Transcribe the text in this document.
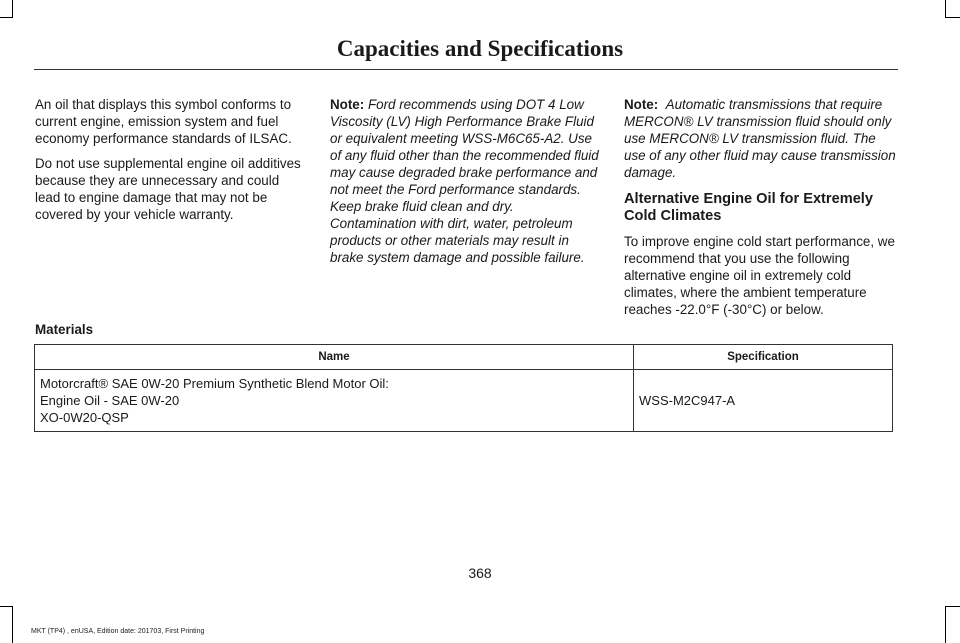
Capacities and Specifications

An oil that displays this symbol conforms to current engine, emission system and fuel economy performance standards of ILSAC.

Do not use supplemental engine oil additives because they are unnecessary and could lead to engine damage that may not be covered by your vehicle warranty.

Note: Ford recommends using DOT 4 Low Viscosity (LV) High Performance Brake Fluid or equivalent meeting WSS-M6C65-A2. Use of any fluid other than the recommended fluid may cause degraded brake performance and not meet the Ford performance standards. Keep brake fluid clean and dry. Contamination with dirt, water, petroleum products or other materials may result in brake system damage and possible failure.

Note: Automatic transmissions that require MERCON® LV transmission fluid should only use MERCON® LV transmission fluid. The use of any other fluid may cause transmission damage.

Alternative Engine Oil for Extremely Cold Climates

To improve engine cold start performance, we recommend that you use the following alternative engine oil in extremely cold climates, where the ambient temperature reaches -22.0°F (-30°C) or below.

Materials
Name	Specification

Motorcraft® SAE 0W-20 Premium Synthetic Blend Motor Oil:
Engine Oil - SAE 0W-20
XO-0W20-QSP	WSS-M2C947-A
368
MKT (TP4) , enUSA, Edition date: 201703, First Printing
